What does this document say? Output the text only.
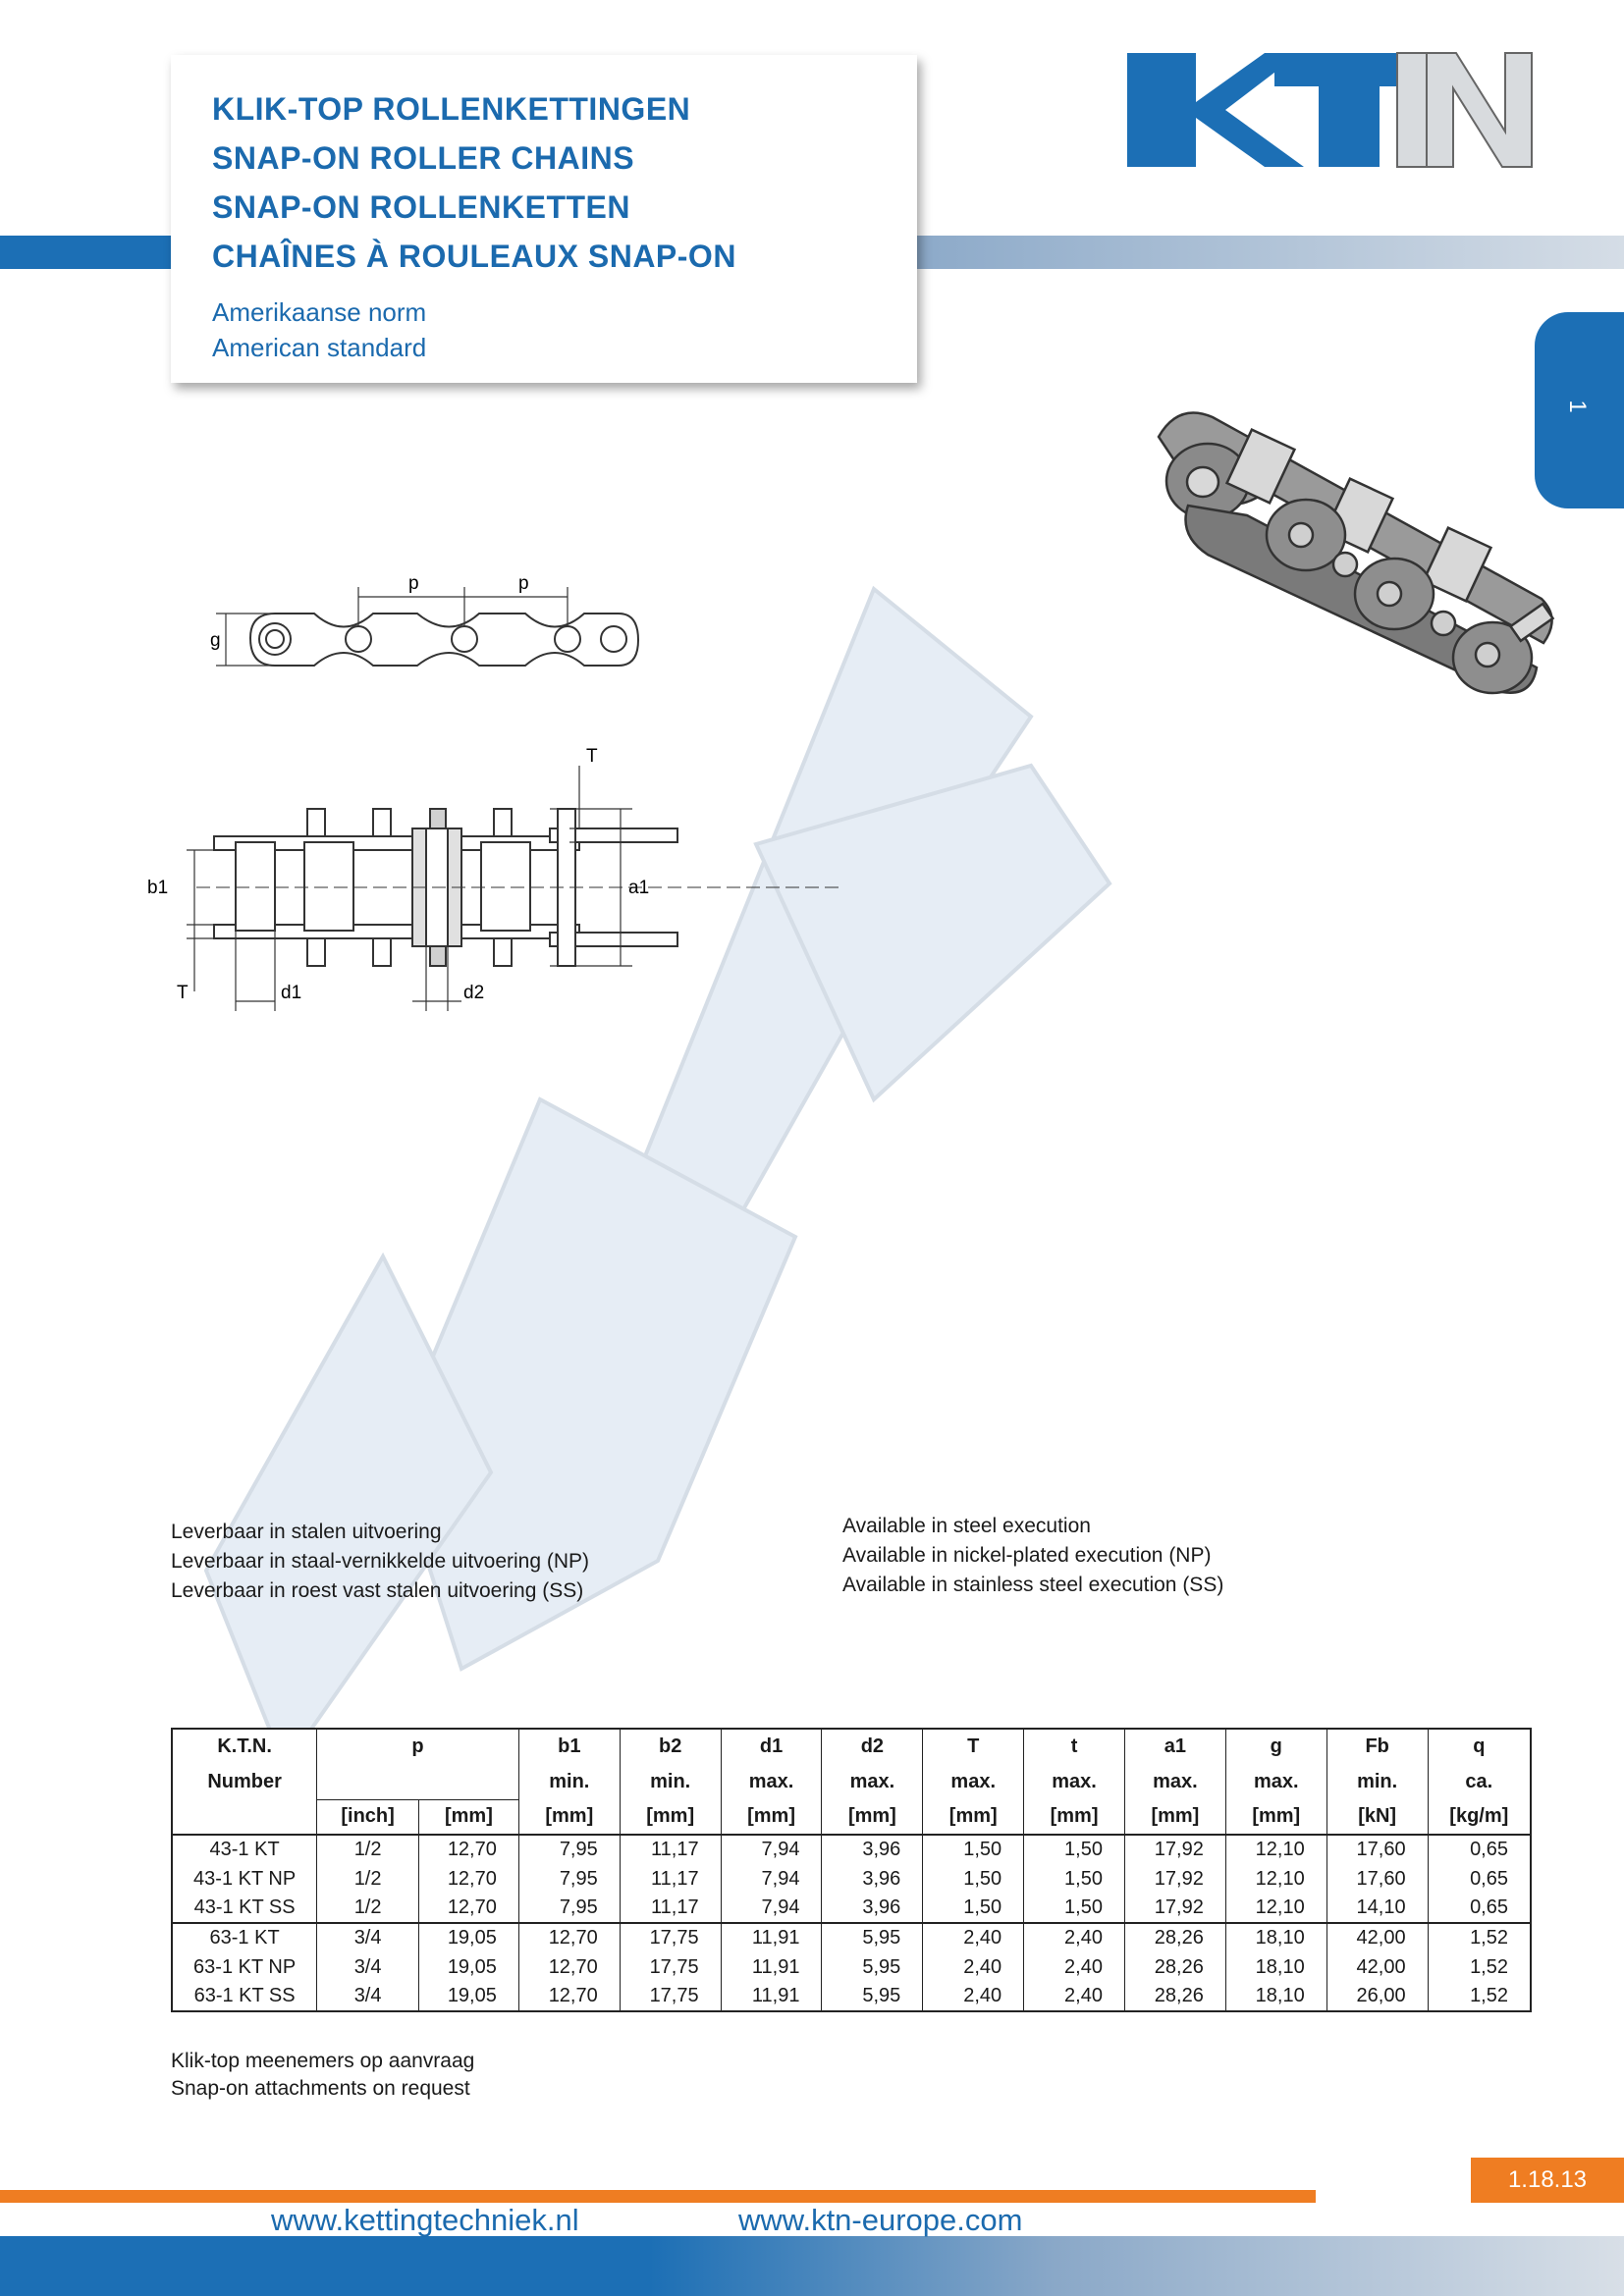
KLIK-TOP ROLLENKETTINGEN
SNAP-ON ROLLER CHAINS
SNAP-ON ROLLENKETTEN
CHAÎNES À ROULEAUX SNAP-ON
Amerikaanse norm
American standard
1
p
p
g
T
b1	a1
T	d1	d2
Leverbaar in stalen uitvoering
Leverbaar in staal-vernikkelde uitvoering (NP)
Leverbaar in roest vast stalen uitvoering (SS)
Available in steel execution
Available in nickel-plated execution (NP)
Available in stainless steel execution (SS)
K.T.N.	p		b1	b2	d1	d2	T	t	a1	g	Fb	q
Number			min.	min.	max.	max.	max.	max.	max.	max.	min.	ca.
	[inch]	[mm]	[mm]	[mm]	[mm]	[mm]	[mm]	[mm]	[mm]	[mm]	[kN]	[kg/m]
43-1 KT	1/2	12,70	7,95	11,17	7,94	3,96	1,50	1,50	17,92	12,10	17,60	0,65
43-1 KT NP	1/2	12,70	7,95	11,17	7,94	3,96	1,50	1,50	17,92	12,10	17,60	0,65
43-1 KT SS	1/2	12,70	7,95	11,17	7,94	3,96	1,50	1,50	17,92	12,10	14,10	0,65
63-1 KT	3/4	19,05	12,70	17,75	11,91	5,95	2,40	2,40	28,26	18,10	42,00	1,52
63-1 KT NP	3/4	19,05	12,70	17,75	11,91	5,95	2,40	2,40	28,26	18,10	42,00	1,52
63-1 KT SS	3/4	19,05	12,70	17,75	11,91	5,95	2,40	2,40	28,26	18,10	26,00	1,52
Klik-top meenemers op aanvraag
Snap-on attachments on request
1.18.13
www.kettingtechniek.nl	www.ktn-europe.com
